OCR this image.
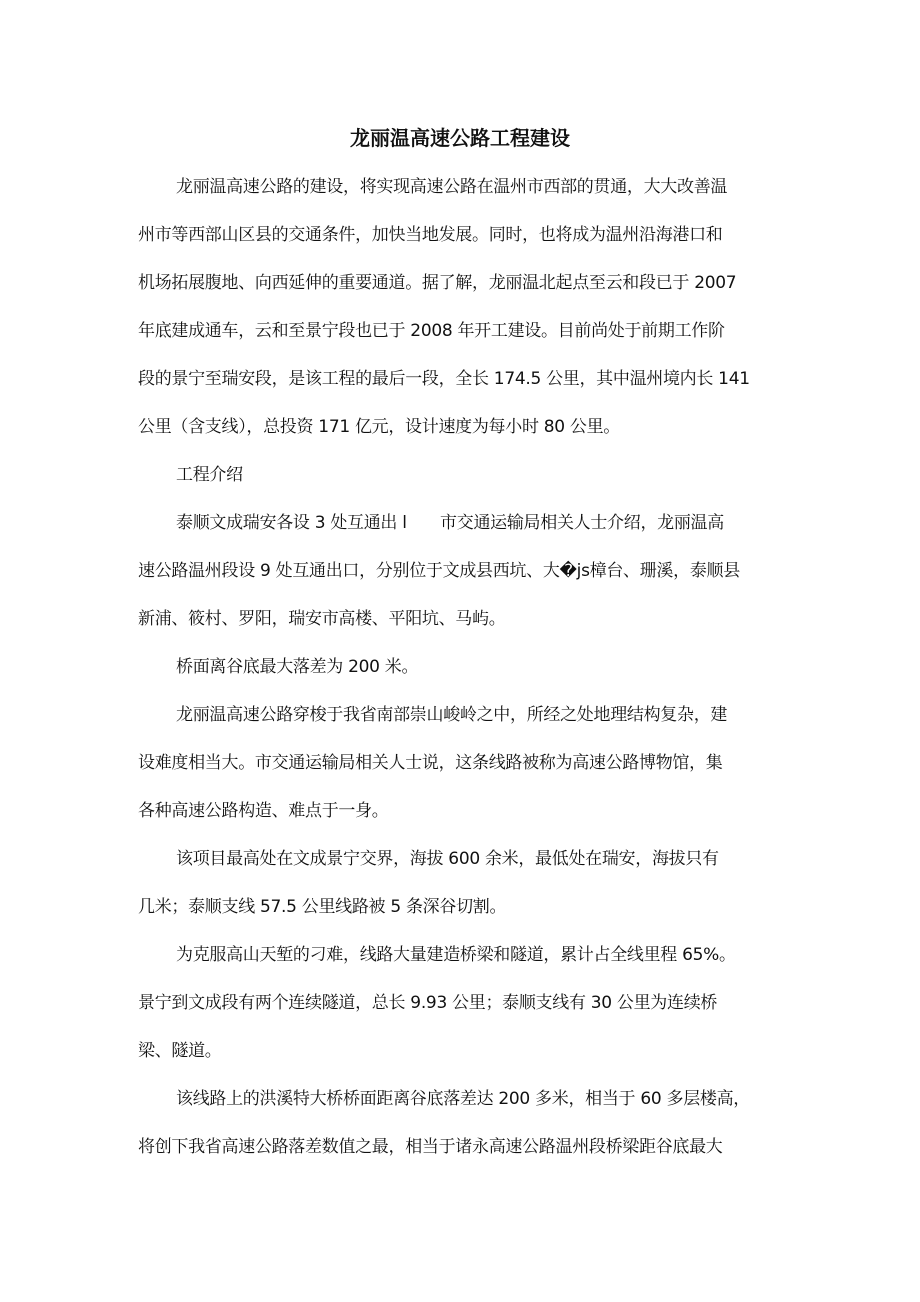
龙丽温高速公路工程建设
龙丽温高速公路的建设，将实现高速公路在温州市西部的贯通，大大改善温
州市等西部山区县的交通条件，加快当地发展。同时，也将成为温州沿海港口和
机场拓展腹地、向西延伸的重要通道。据了解，龙丽温北起点至云和段已于 2007
年底建成通车，云和至景宁段也已于 2008 年开工建设。目前尚处于前期工作阶
段的景宁至瑞安段，是该工程的最后一段，全长 174.5 公里，其中温州境内长 141
公里（含支线），总投资 171 亿元，设计速度为每小时 80 公里。
工程介绍
泰顺文成瑞安各设 3 处互通出 l　　市交通运输局相关人士介绍，龙丽温高
速公路温州段设 9 处互通出口，分别位于文成县西坑、大�js樟台、珊溪，泰顺县
新浦、筱村、罗阳，瑞安市高楼、平阳坑、马屿。
桥面离谷底最大落差为 200 米。
龙丽温高速公路穿梭于我省南部崇山峻岭之中，所经之处地理结构复杂，建
设难度相当大。市交通运输局相关人士说，这条线路被称为高速公路博物馆，集
各种高速公路构造、难点于一身。
该项目最高处在文成景宁交界，海拔 600 余米，最低处在瑞安，海拔只有
几米；泰顺支线 57.5 公里线路被 5 条深谷切割。
为克服高山天堑的刁难，线路大量建造桥梁和隧道，累计占全线里程 65%。
景宁到文成段有两个连续隧道，总长 9.93 公里；泰顺支线有 30 公里为连续桥
梁、隧道。
该线路上的洪溪特大桥桥面距离谷底落差达 200 多米，相当于 60 多层楼高，
将创下我省高速公路落差数值之最，相当于诸永高速公路温州段桥梁距谷底最大
